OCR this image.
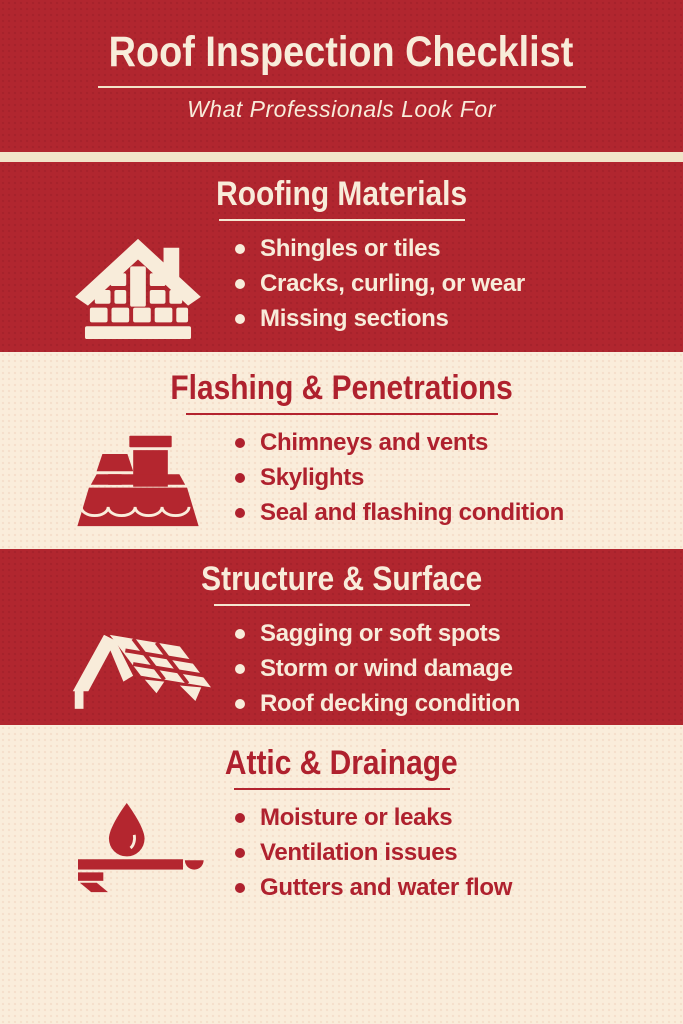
Roof Inspection Checklist
What Professionals Look For
Roofing Materials
Shingles or tiles
Cracks, curling, or wear
Missing sections
Flashing & Penetrations
Chimneys and vents
Skylights
Seal and flashing condition
Structure & Surface
Sagging or soft spots
Storm or wind damage
Roof decking condition
Attic & Drainage
Moisture or leaks
Ventilation issues
Gutters and water flow
